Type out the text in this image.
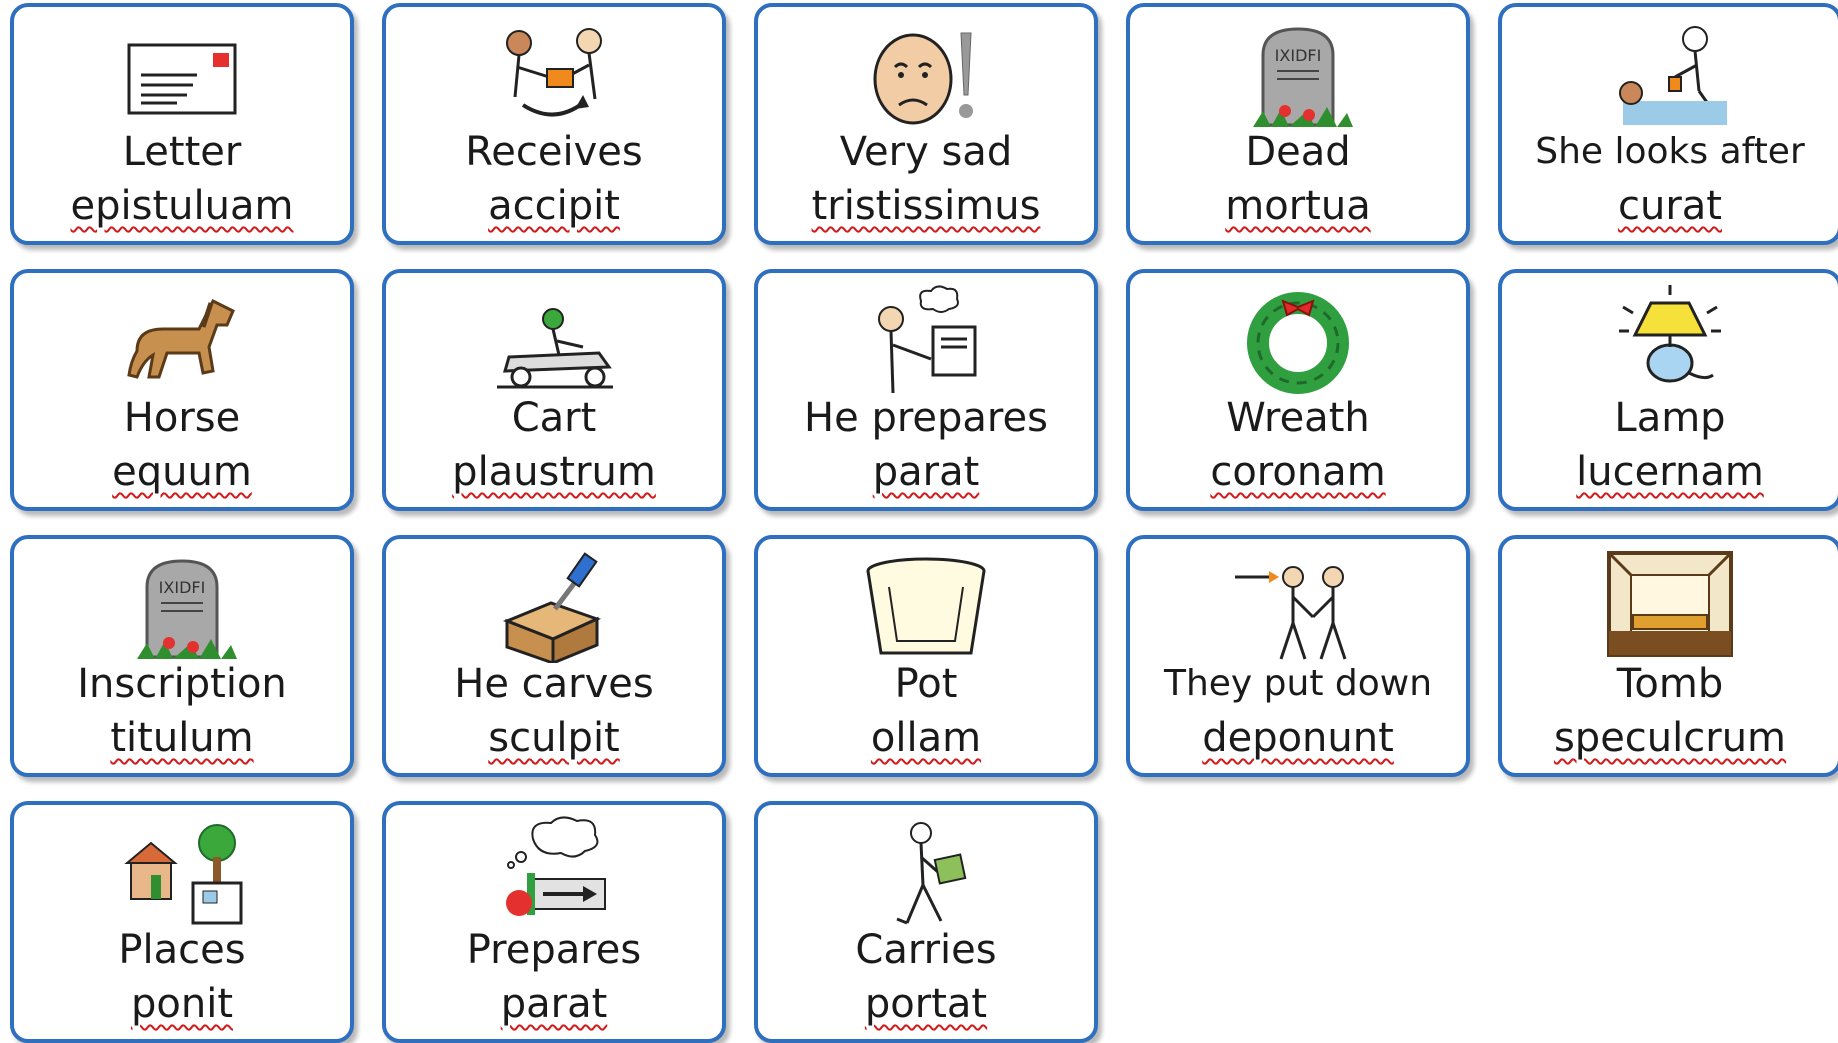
Letter
epistuluam
Receives
accipit
Very sad
tristissimus
IXIDFI
Dead
mortua
She looks after
curat
Horse
equum
Cart
plaustrum
He prepares
parat
Wreath
coronam
Lamp
lucernam
IXIDFI
Inscription
titulum
He carves
sculpit
Pot
ollam
They put down
deponunt
Tomb
speculcrum
Places
ponit
Prepares
parat
Carries
portat
